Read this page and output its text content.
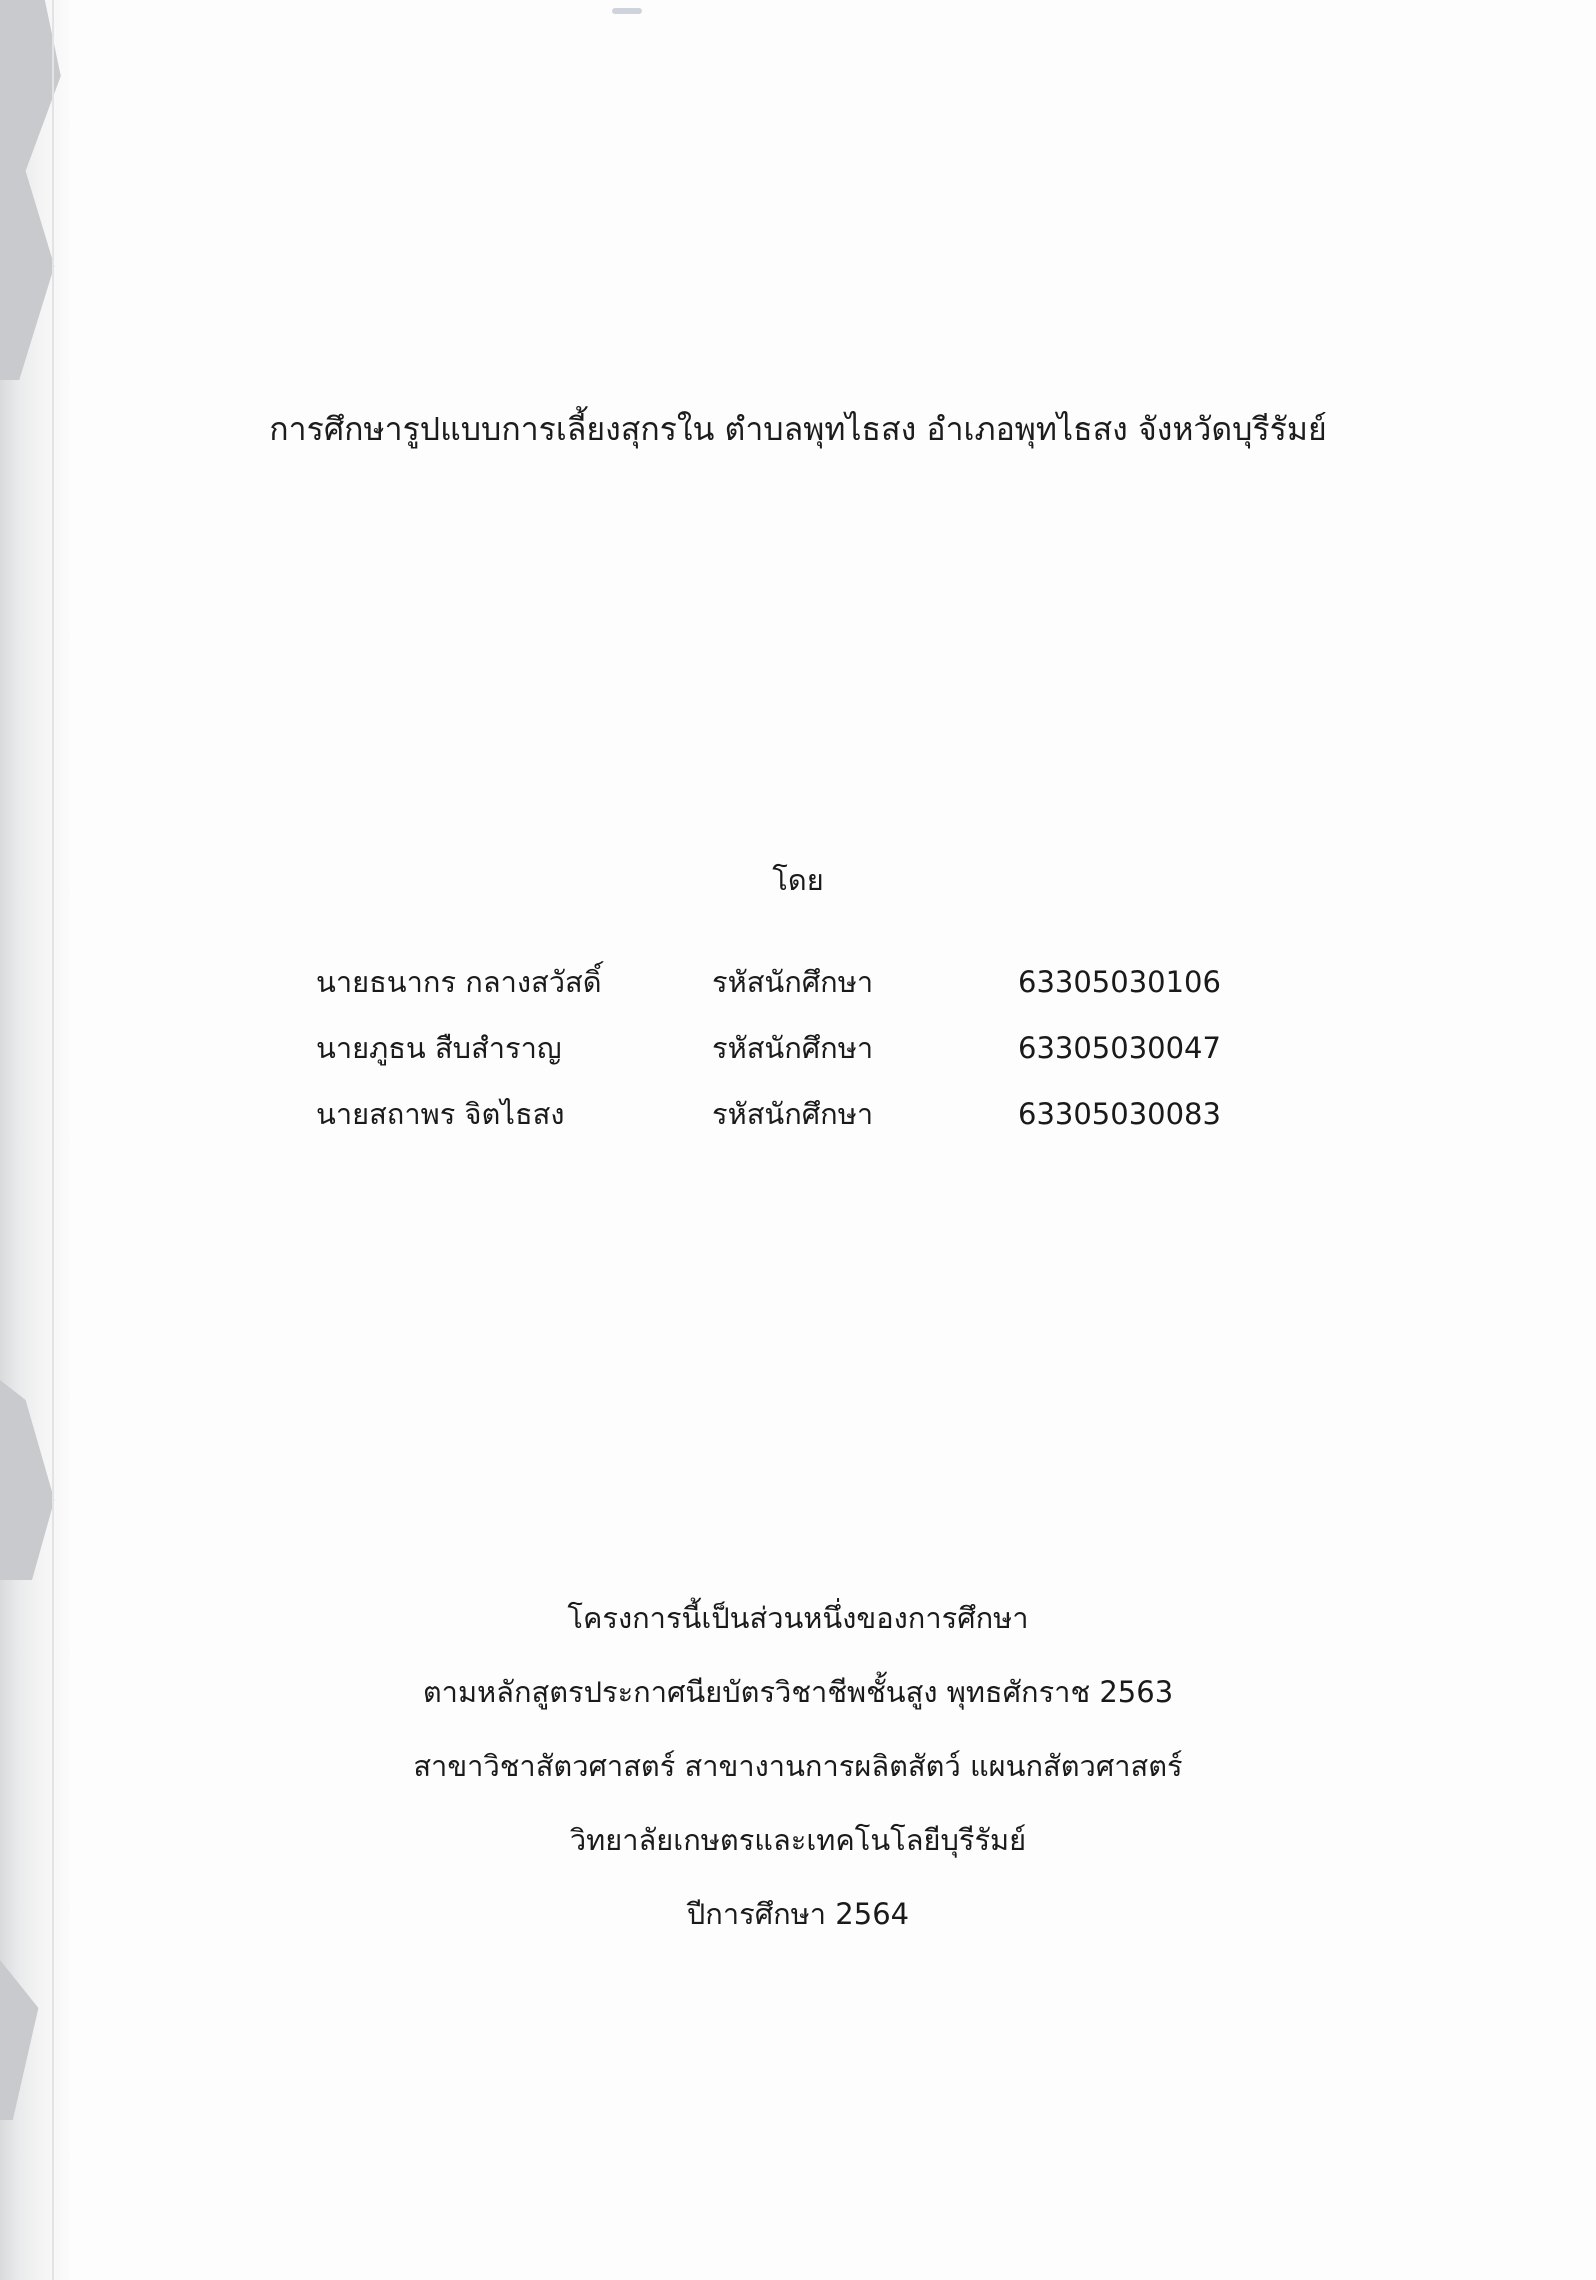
การศึกษารูปแบบการเลี้ยงสุกรใน ตำบลพุทไธสง อำเภอพุทไธสง จังหวัดบุรีรัมย์
โดย
นายธนากร กลางสวัสดิ์	รหัสนักศึกษา	63305030106
นายภูธน สืบสำราญ	รหัสนักศึกษา	63305030047
นายสถาพร จิตไธสง	รหัสนักศึกษา	63305030083
โครงการนี้เป็นส่วนหนึ่งของการศึกษา
ตามหลักสูตรประกาศนียบัตรวิชาชีพชั้นสูง พุทธศักราช 2563
สาขาวิชาสัตวศาสตร์ สาขางานการผลิตสัตว์ แผนกสัตวศาสตร์
วิทยาลัยเกษตรและเทคโนโลยีบุรีรัมย์
ปีการศึกษา 2564
